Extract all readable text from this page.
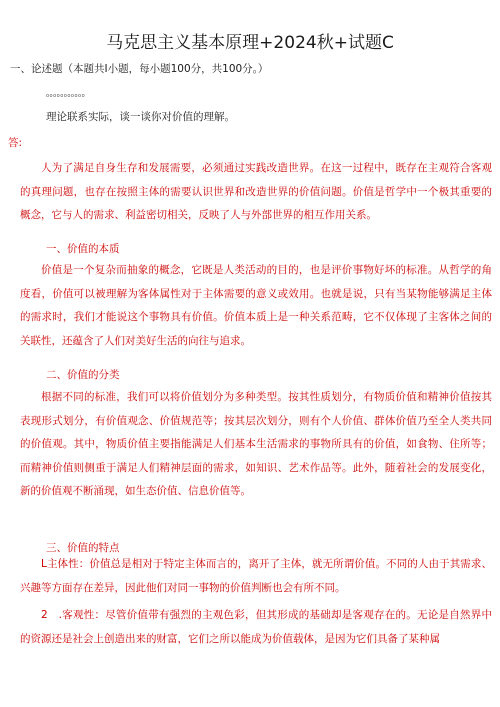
马克思主义基本原理+2024秋+试题C
一、论述题（本题共I小题，每小题100分，共100分。）
ooooooooooo
理论联系实际，谈一谈你对价值的理解。
答:
人为了满足自身生存和发展需要，必须通过实践改造世界。在这一过程中，既存在主观符合客观的真理问题，也存在按照主体的需要认识世界和改造世界的价值问题。价值是哲学中一个极其重要的概念，它与人的需求、利益密切相关，反映了人与外部世界的相互作用关系。
一、价值的本质
价值是一个复杂而抽象的概念，它既是人类活动的目的，也是评价事物好坏的标准。从哲学的角度看，价值可以被理解为客体属性对于主体需要的意义或效用。也就是说，只有当某物能够满足主体的需求时，我们才能说这个事物具有价值。价值本质上是一种关系范畴，它不仅体现了主客体之间的关联性，还蕴含了人们对美好生活的向往与追求。
二、价值的分类
根据不同的标准，我们可以将价值划分为多种类型。按其性质划分，有物质价值和精神价值按其表现形式划分，有价值观念、价值规范等；按其层次划分，则有个人价值、群体价值乃至全人类共同的价值观。其中，物质价值主要指能满足人们基本生活需求的事物所具有的价值，如食物、住所等；而精神价值则侧重于满足人们精神层面的需求，如知识、艺术作品等。此外，随着社会的发展变化，新的价值观不断涌现，如生态价值、信息价值等。
三、价值的特点
L主体性：价值总是相对于特定主体而言的，离开了主体，就无所谓价值。不同的人由于其需求、兴趣等方面存在差异，因此他们对同一事物的价值判断也会有所不同。
2　.客观性：尽管价值带有强烈的主观色彩，但其形成的基础却是客观存在的。无论是自然界中的资源还是社会上创造出来的财富，它们之所以能成为价值载体，是因为它们具备了某种属
